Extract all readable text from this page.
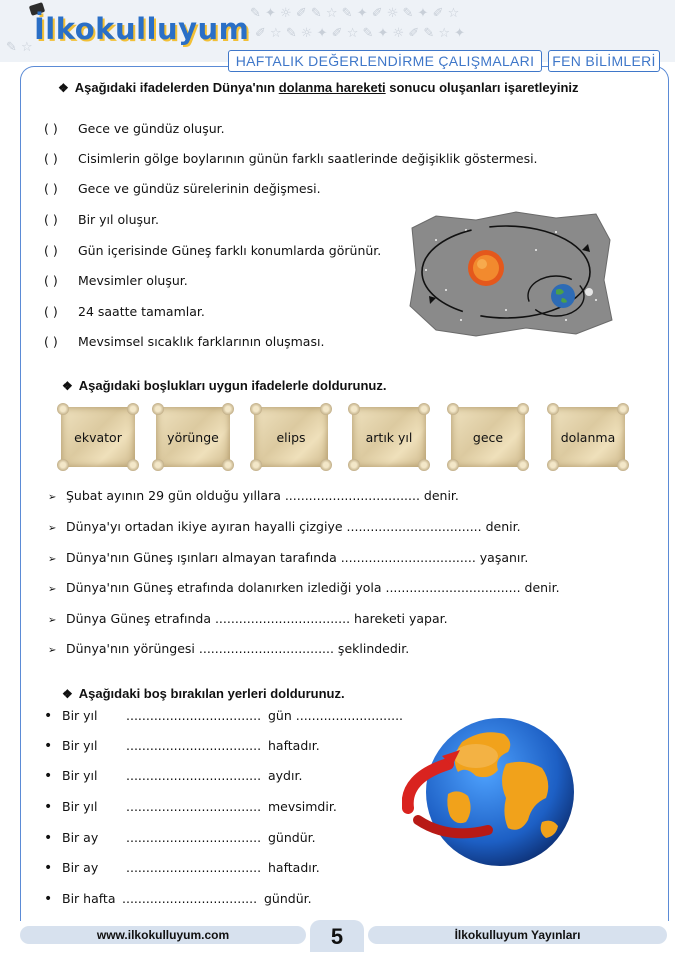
✎ ✦ ☼ ✐ ✎ ☆ ✎ ✦ ✐ ☼ ✎ ✦ ✐ ☆
✦ ✐ ☆ ✎ ☼ ✦ ✐ ☆ ✎ ✦ ☼ ✐ ✎ ☆ ✦
✎ ☆
İlkokulluyum
HAFTALIK DEĞERLENDİRME ÇALIŞMALARI	FEN BİLİMLERİ
❖ Aşağıdaki ifadelerden Dünya'nın dolanma hareketi sonucu oluşanları işaretleyiniz
( ) Gece ve gündüz oluşur.
( ) Cisimlerin gölge boylarının günün farklı saatlerinde değişiklik göstermesi.
( ) Gece ve gündüz sürelerinin değişmesi.
( ) Bir yıl oluşur.
( ) Gün içerisinde Güneş farklı konumlarda görünür.
( ) Mevsimler oluşur.
( ) 24 saatte tamamlar.
( ) Mevsimsel sıcaklık farklarının oluşması.
❖ Aşağıdaki boşlukları uygun ifadelerle doldurunuz.
ekvator	yörünge	elips	artık yıl	gece	dolanma
➢ Şubat ayının 29 gün olduğu yıllara .................................. denir.
➢ Dünya'yı ortadan ikiye ayıran hayalli çizgiye .................................. denir.
➢ Dünya'nın Güneş ışınları almayan tarafında .................................. yaşanır.
➢ Dünya'nın Güneş etrafında dolanırken izlediği yola .................................. denir.
➢ Dünya Güneş etrafında .................................. hareketi yapar.
➢ Dünya'nın yörüngesi .................................. şeklindedir.
❖ Aşağıdaki boş bırakılan yerleri doldurunuz.
• Bir yıl .................................. gün ...........................
• Bir yıl .................................. haftadır.
• Bir yıl .................................. aydır.
• Bir yıl .................................. mevsimdir.
• Bir ay .................................. gündür.
• Bir ay .................................. haftadır.
• Bir hafta .................................. gündür.
www.ilkokulluyum.com	İlkokulluyum Yayınları
5
